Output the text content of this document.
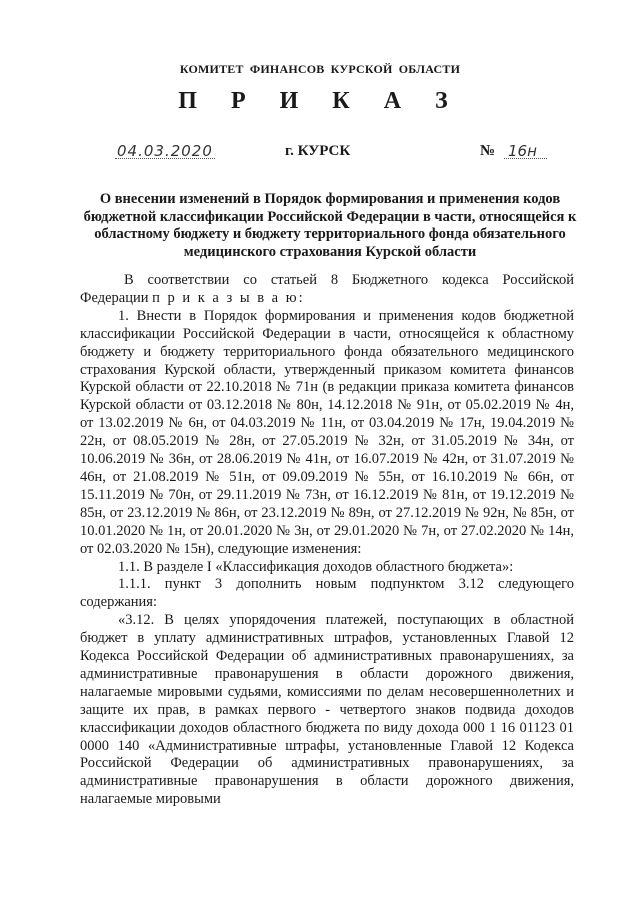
КОМИТЕТ ФИНАНСОВ КУРСКОЙ ОБЛАСТИ
П Р И К А З
04.03.2020	г. КУРСК	№ 16н
О внесении изменений в Порядок формирования и применения кодов бюджетной классификации Российской Федерации в части, относящейся к областному бюджету и бюджету территориального фонда обязательного медицинского страхования Курской области

В соответствии со статьей 8 Бюджетного кодекса Российской Федерации п р и к а з ы в а ю:

1. Внести в Порядок формирования и применения кодов бюджетной классификации Российской Федерации в части, относящейся к областному бюджету и бюджету территориального фонда обязательного медицинского страхования Курской области, утвержденный приказом комитета финансов Курской области от 22.10.2018 № 71н (в редакции приказа комитета финансов Курской области от 03.12.2018 № 80н, 14.12.2018 № 91н, от 05.02.2019 № 4н, от 13.02.2019 № 6н, от 04.03.2019 № 11н, от 03.04.2019 № 17н, 19.04.2019 № 22н, от 08.05.2019 № 28н, от 27.05.2019 № 32н, от 31.05.2019 № 34н, от 10.06.2019 № 36н, от 28.06.2019 № 41н, от 16.07.2019 № 42н, от 31.07.2019 № 46н, от 21.08.2019 № 51н, от 09.09.2019 № 55н, от 16.10.2019 № 66н, от 15.11.2019 № 70н, от 29.11.2019 № 73н, от 16.12.2019 № 81н, от 19.12.2019 № 85н, от 23.12.2019 № 86н, от 23.12.2019 № 89н, от 27.12.2019 № 92н, № 85н, от 10.01.2020 № 1н, от 20.01.2020 № 3н, от 29.01.2020 № 7н, от 27.02.2020 № 14н, от 02.03.2020 № 15н), следующие изменения:

1.1. В разделе I «Классификация доходов областного бюджета»:

1.1.1. пункт 3 дополнить новым подпунктом 3.12 следующего содержания:

«3.12. В целях упорядочения платежей, поступающих в областной бюджет в уплату административных штрафов, установленных Главой 12 Кодекса Российской Федерации об административных правонарушениях, за административные правонарушения в области дорожного движения, налагаемые мировыми судьями, комиссиями по делам несовершеннолетних и защите их прав, в рамках первого - четвертого знаков подвида доходов классификации доходов областного бюджета по виду дохода 000 1 16 01123 01 0000 140 «Административные штрафы, установленные Главой 12 Кодекса Российской Федерации об административных правонарушениях, за административные правонарушения в области дорожного движения, налагаемые мировыми
